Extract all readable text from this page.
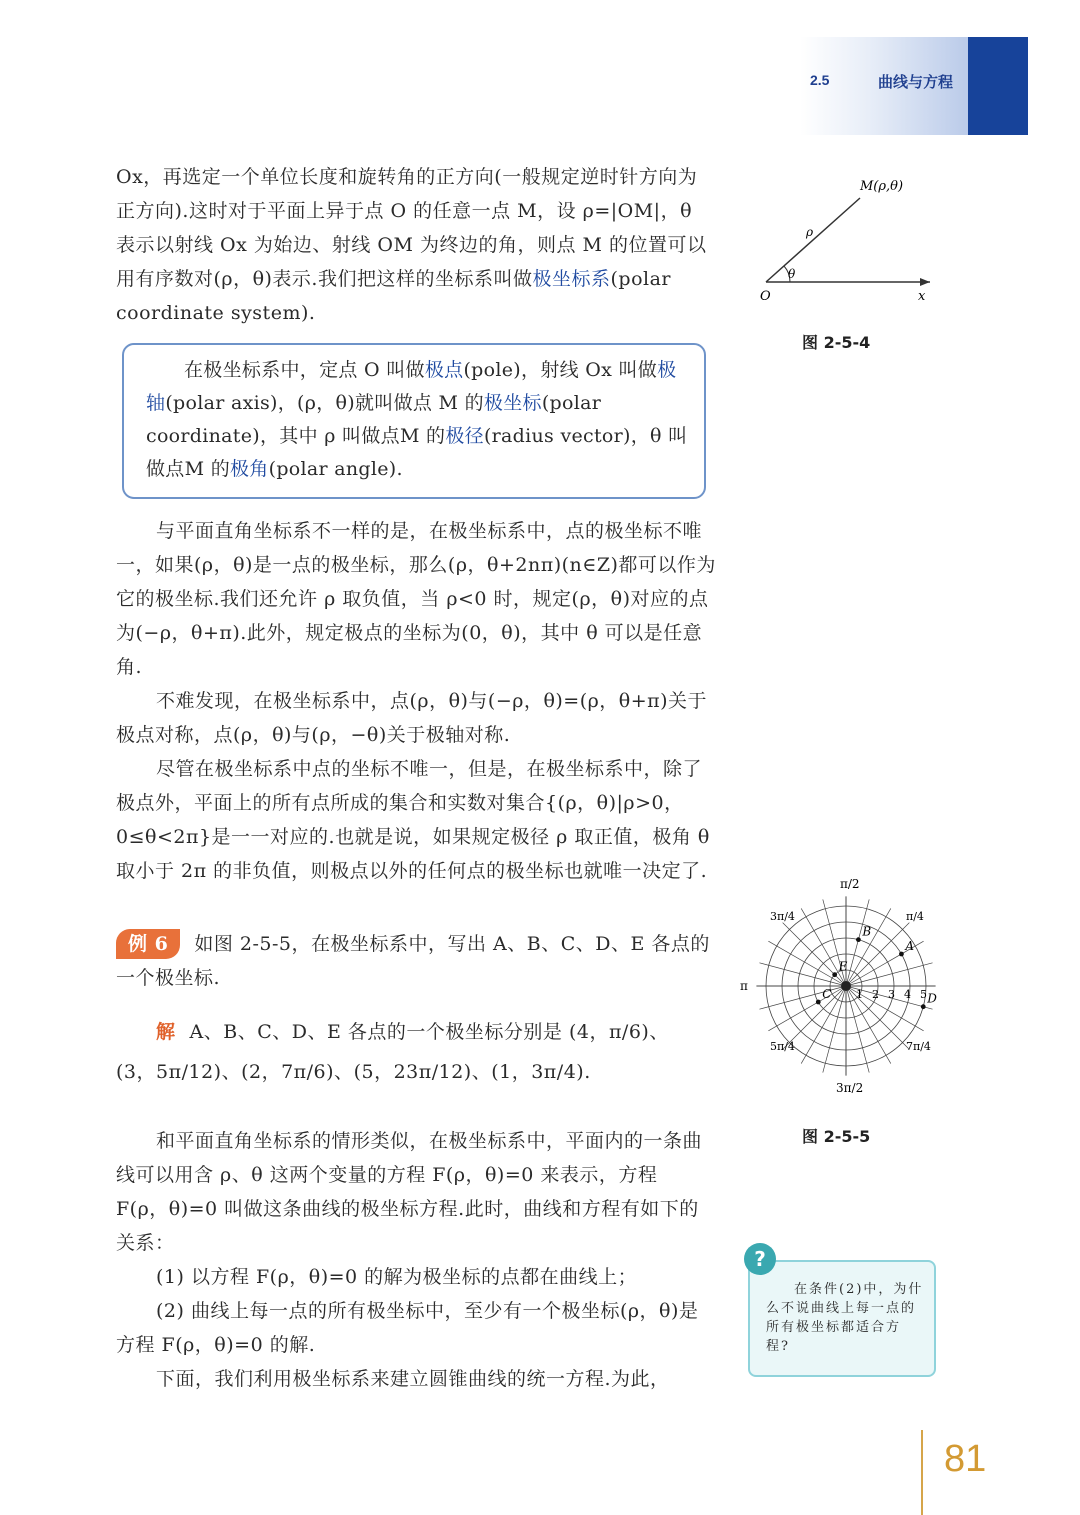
2.5	曲线与方程
Ox，再选定一个单位长度和旋转角的正方向(一般规定逆时针方向为正方向).这时对于平面上异于点 O 的任意一点 M，设 ρ=|OM|，θ 表示以射线 Ox 为始边、射线 OM 为终边的角，则点 M 的位置可以用有序数对(ρ，θ)表示.我们把这样的坐标系叫做极坐标系(polar coordinate system).
在极坐标系中，定点 O 叫做极点(pole)，射线 Ox 叫做极轴(polar axis)，(ρ，θ)就叫做点 M 的极坐标(polar coordinate)，其中 ρ 叫做点M 的极径(radius vector)，θ 叫做点M 的极角(polar angle).
与平面直角坐标系不一样的是，在极坐标系中，点的极坐标不唯一，如果(ρ，θ)是一点的极坐标，那么(ρ，θ+2nπ)(n∈Z)都可以作为它的极坐标.我们还允许 ρ 取负值，当 ρ<0 时，规定(ρ，θ)对应的点为(−ρ，θ+π).此外，规定极点的坐标为(0，θ)，其中 θ 可以是任意角.
不难发现，在极坐标系中，点(ρ，θ)与(−ρ，θ)=(ρ，θ+π)关于极点对称，点(ρ，θ)与(ρ，−θ)关于极轴对称.
尽管在极坐标系中点的坐标不唯一，但是，在极坐标系中，除了极点外，平面上的所有点所成的集合和实数对集合{(ρ，θ)|ρ>0，0≤θ<2π}是一一对应的.也就是说，如果规定极径 ρ 取正值，极角 θ 取小于 2π 的非负值，则极点以外的任何点的极坐标也就唯一决定了.
例 6 如图 2-5-5，在极坐标系中，写出 A、B、C、D、E 各点的一个极坐标.
解 A、B、C、D、E 各点的一个极坐标分别是 (4，π/6)、
(3，5π/12)、(2，7π/6)、(5，23π/12)、(1，3π/4).
和平面直角坐标系的情形类似，在极坐标系中，平面内的一条曲线可以用含 ρ、θ 这两个变量的方程 F(ρ，θ)=0 来表示，方程 F(ρ，θ)=0 叫做这条曲线的极坐标方程.此时，曲线和方程有如下的关系：
(1) 以方程 F(ρ，θ)=0 的解为极坐标的点都在曲线上；
(2) 曲线上每一点的所有极坐标中，至少有一个极坐标(ρ，θ)是方程 F(ρ，θ)=0 的解.
下面，我们利用极坐标系来建立圆锥曲线的统一方程.为此，
O	x
θ
ρ
M(ρ,θ)
图 2-5-4
1 2 3 4 5
A
B
C	D
E
π/2
3π/2
π
3π/4	π/4
5π/4	7π/4
图 2-5-5
?
在条件(2)中，为什么不说曲线上每一点的所有极坐标都适合方程?
81
